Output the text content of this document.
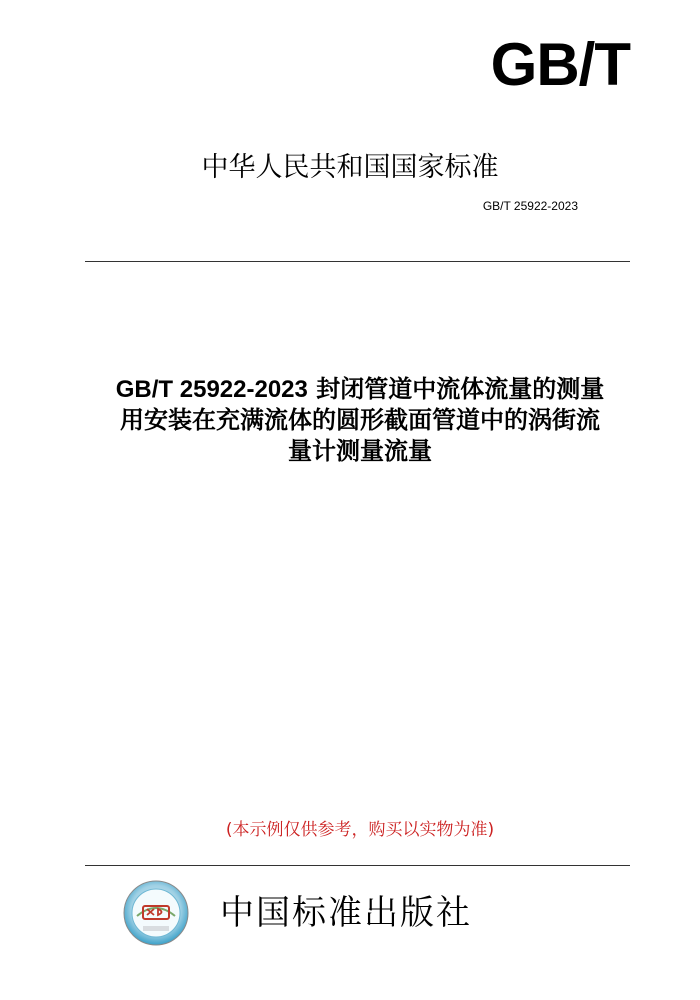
GB/T
中华人民共和国国家标准
GB/T 25922-2023
GB/T 25922-2023 封闭管道中流体流量的测量
用安装在充满流体的圆形截面管道中的涡街流
量计测量流量
(本示例仅供参考，购买以实物为准)
中国标准出版社
